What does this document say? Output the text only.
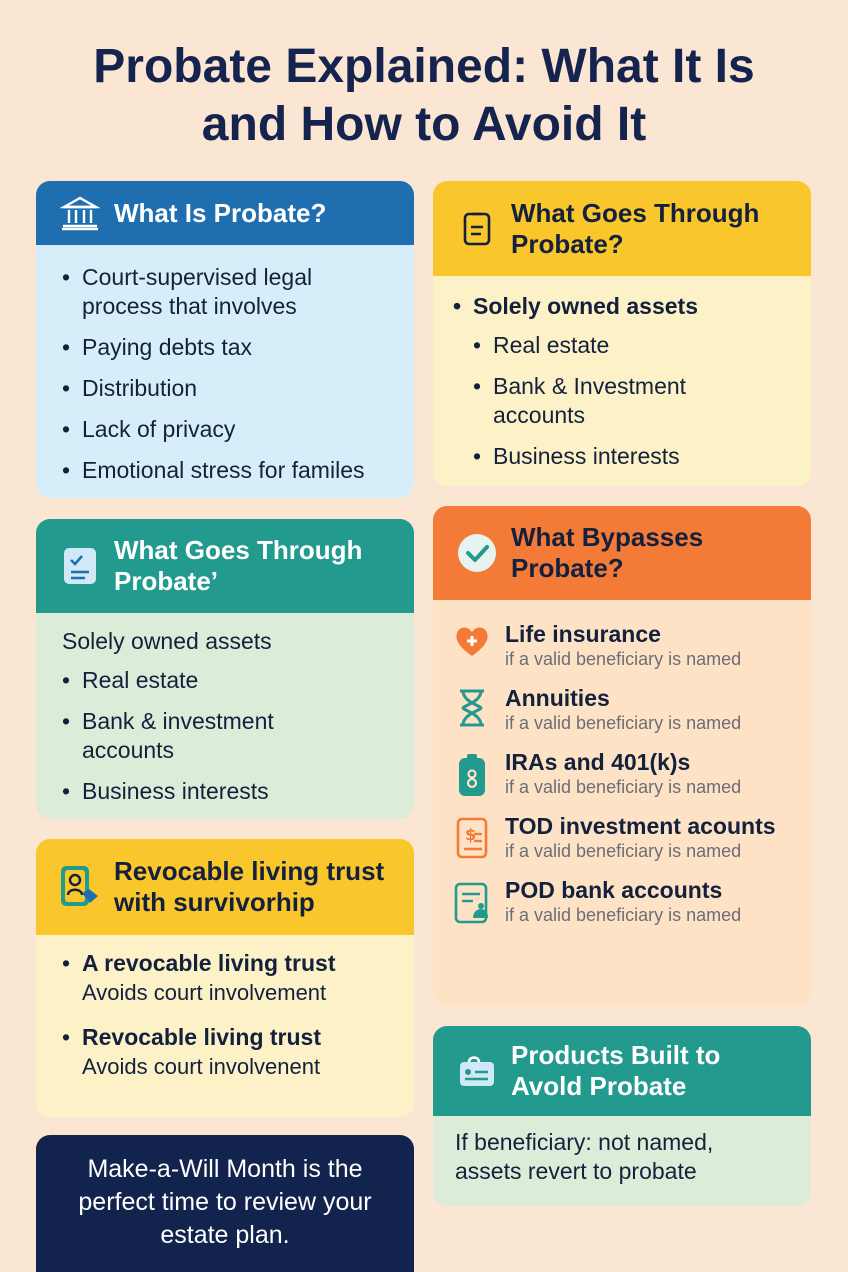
Probate Explained: What It Is
and How to Avoid It
What Is Probate?
• Court-supervised legal process that involves
• Paying debts tax
• Distribution
• Lack of privacy
• Emotional stress for familes
What Goes Through Probate?
• Solely owned assets
• Real estate
• Bank & Investment accounts
• Business interests
What Goes Through Probate’
Solely owned assets
• Real estate
• Bank & investment accounts
• Business interests
What Bypasses Probate?
Life insurance
if a valid beneficiary is named
Annuities
if a valid beneficiary is named
IRAs and 401(k)s
if a valid beneficiary is named
$ TOD investment acounts
if a valid beneficiary is named
POD bank accounts
if a valid beneficiary is named
Revocable living trust with survivorhip
• A revocable living trust
Avoids court involvement
• Revocable living trust
Avoids court involvenent	Products Built to Avold Probate
If beneficiary: not named, assets revert to probate
Make-a-Will Month is the perfect time to review your estate plan.
